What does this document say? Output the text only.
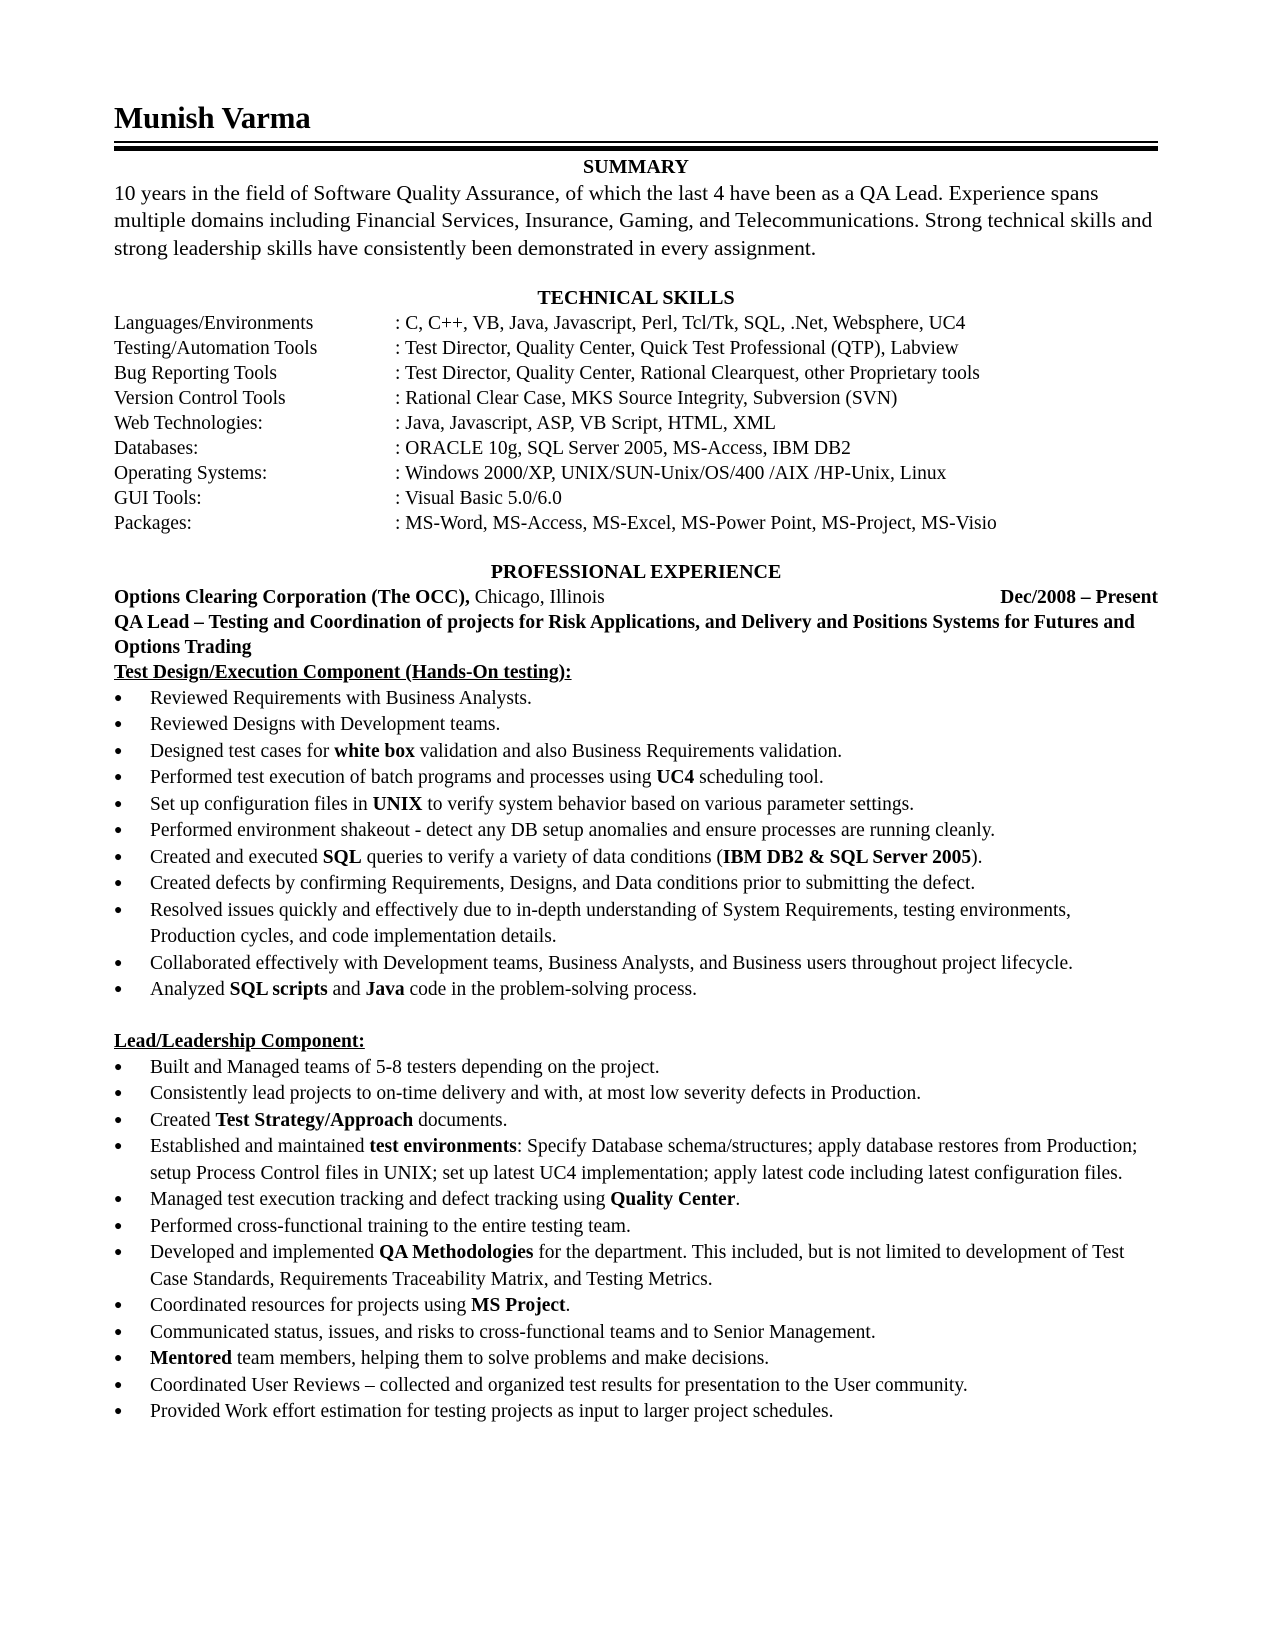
Munish Varma
SUMMARY

10 years in the field of Software Quality Assurance, of which the last 4 have been as a QA Lead. Experience spans multiple domains including Financial Services, Insurance, Gaming, and Telecommunications. Strong technical skills and strong leadership skills have consistently been demonstrated in every assignment.

TECHNICAL SKILLS
Languages/Environments	: C, C++, VB, Java, Javascript, Perl, Tcl/Tk, SQL, .Net, Websphere, UC4
Testing/Automation Tools	: Test Director, Quality Center, Quick Test Professional (QTP), Labview
Bug Reporting Tools	: Test Director, Quality Center, Rational Clearquest, other Proprietary tools
Version Control Tools	: Rational Clear Case, MKS Source Integrity, Subversion (SVN)
Web Technologies:	: Java, Javascript, ASP, VB Script, HTML, XML
Databases:	: ORACLE 10g, SQL Server 2005, MS-Access, IBM DB2
Operating Systems:	: Windows 2000/XP, UNIX/SUN-Unix/OS/400 /AIX /HP-Unix, Linux
GUI Tools:	: Visual Basic 5.0/6.0
Packages:	: MS-Word, MS-Access, MS-Excel, MS-Power Point, MS-Project, MS-Visio
PROFESSIONAL EXPERIENCE
Options Clearing Corporation (The OCC), Chicago, Illinois	Dec/2008 – Present

QA Lead – Testing and Coordination of projects for Risk Applications, and Delivery and Positions Systems for Futures and Options Trading

Test Design/Execution Component (Hands-On testing):

● Reviewed Requirements with Business Analysts.
● Reviewed Designs with Development teams.
● Designed test cases for white box validation and also Business Requirements validation.
● Performed test execution of batch programs and processes using UC4 scheduling tool.
● Set up configuration files in UNIX to verify system behavior based on various parameter settings.
● Performed environment shakeout - detect any DB setup anomalies and ensure processes are running cleanly.
● Created and executed SQL queries to verify a variety of data conditions (IBM DB2 & SQL Server 2005).
● Created defects by confirming Requirements, Designs, and Data conditions prior to submitting the defect.
● Resolved issues quickly and effectively due to in-depth understanding of System Requirements, testing environments, Production cycles, and code implementation details.
● Collaborated effectively with Development teams, Business Analysts, and Business users throughout project lifecycle.
● Analyzed SQL scripts and Java code in the problem-solving process.

Lead/Leadership Component:

● Built and Managed teams of 5-8 testers depending on the project.
● Consistently lead projects to on-time delivery and with, at most low severity defects in Production.
● Created Test Strategy/Approach documents.
● Established and maintained test environments: Specify Database schema/structures; apply database restores from Production; setup Process Control files in UNIX; set up latest UC4 implementation; apply latest code including latest configuration files.
● Managed test execution tracking and defect tracking using Quality Center.
● Performed cross-functional training to the entire testing team.
● Developed and implemented QA Methodologies for the department. This included, but is not limited to development of Test Case Standards, Requirements Traceability Matrix, and Testing Metrics.
● Coordinated resources for projects using MS Project.
● Communicated status, issues, and risks to cross-functional teams and to Senior Management.
● Mentored team members, helping them to solve problems and make decisions.
● Coordinated User Reviews – collected and organized test results for presentation to the User community.
● Provided Work effort estimation for testing projects as input to larger project schedules.
